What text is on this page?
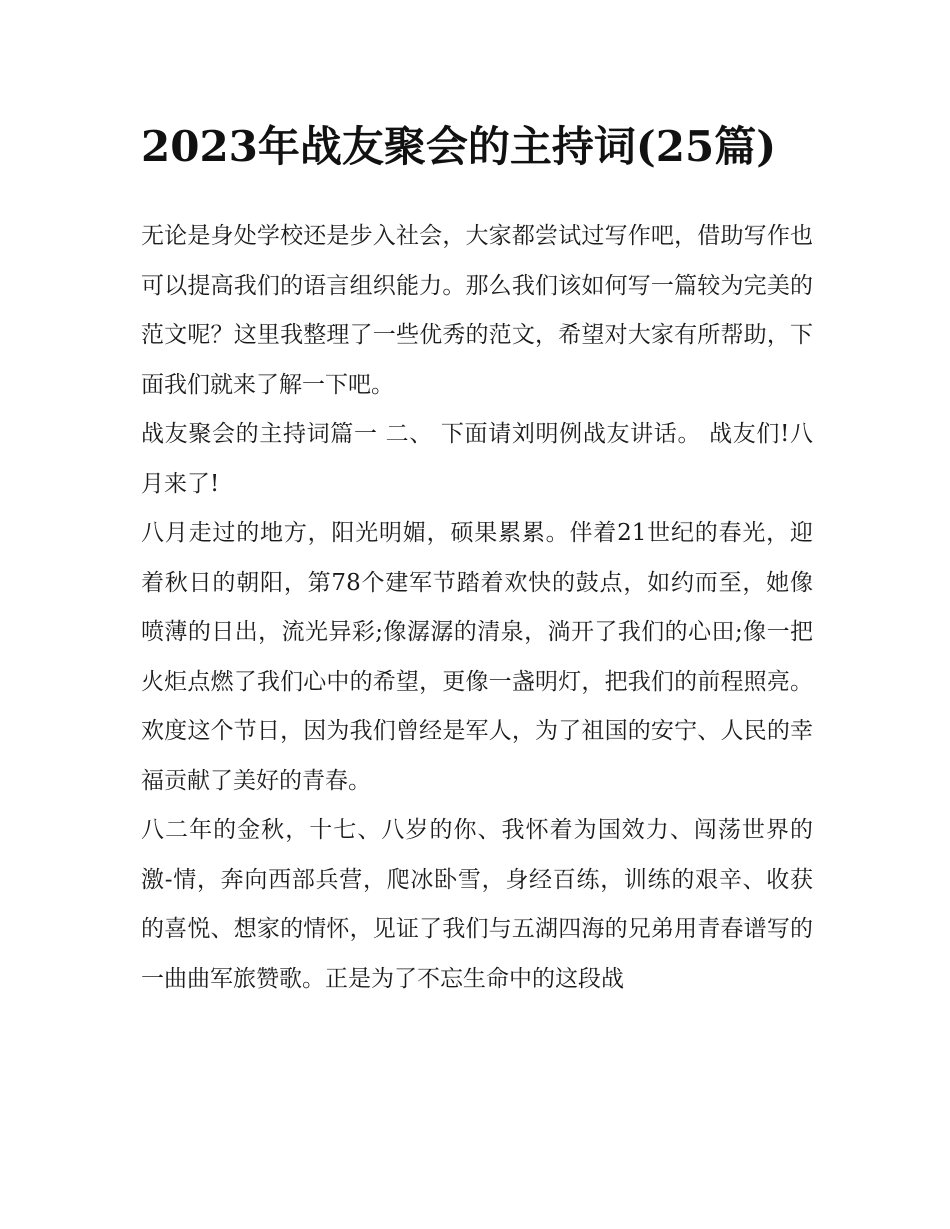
2023年战友聚会的主持词(25篇)

无论是身处学校还是步入社会，大家都尝试过写作吧，借助写作也可以提高我们的语言组织能力。那么我们该如何写一篇较为完美的范文呢？这里我整理了一些优秀的范文，希望对大家有所帮助，下面我们就来了解一下吧。

战友聚会的主持词篇一 二、 下面请刘明例战友讲话。 战友们!八月来了!

八月走过的地方，阳光明媚，硕果累累。伴着21世纪的春光，迎着秋日的朝阳，第78个建军节踏着欢快的鼓点，如约而至，她像喷薄的日出，流光异彩;像潺潺的清泉，淌开了我们的心田;像一把火炬点燃了我们心中的希望，更像一盏明灯，把我们的前程照亮。欢度这个节日，因为我们曾经是军人，为了祖国的安宁、人民的幸福贡献了美好的青春。

八二年的金秋，十七、八岁的你、我怀着为国效力、闯荡世界的激-情，奔向西部兵营，爬冰卧雪，身经百练，训练的艰辛、收获的喜悦、想家的情怀，见证了我们与五湖四海的兄弟用青春谱写的一曲曲军旅赞歌。正是为了不忘生命中的这段战
